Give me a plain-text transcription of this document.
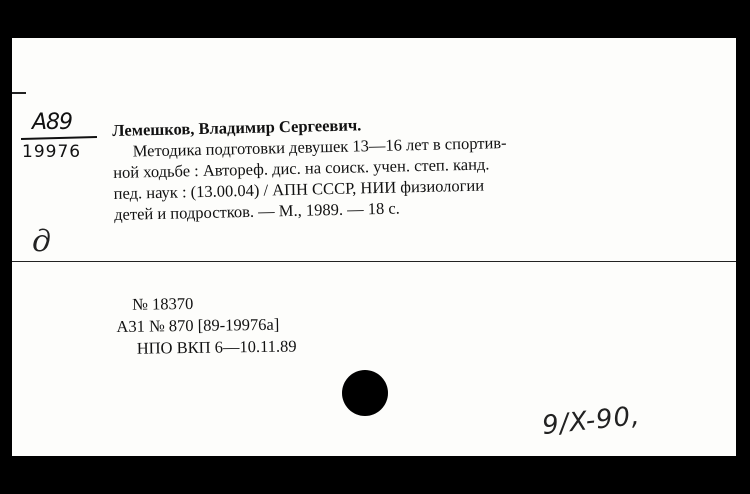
А89
19976
д
Лемешков, Владимир Сергеевич.
Методика подготовки девушек 13—16 лет в спортив-
ной ходьбе : Автореф. дис. на соиск. учен. степ. канд.
пед. наук : (13.00.04) / АПН СССР, НИИ физиологии
детей и подростков. — М., 1989. — 18 с.
№ 18370
А31 № 870 [89-19976а]
НПО ВКП 6—10.11.89
9/X-90,
